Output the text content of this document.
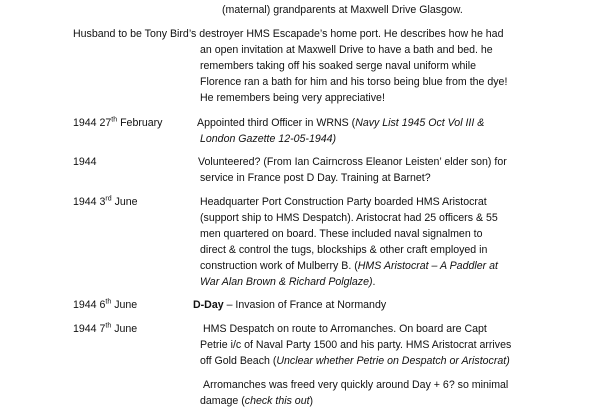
(maternal) grandparents at Maxwell Drive Glasgow.
Husband to be Tony Bird’s destroyer HMS Escapade’s home port. He describes how he had
an open invitation at Maxwell Drive to have a bath and bed. he
remembers taking off his soaked serge naval uniform while
Florence ran a bath for him and his torso being blue from the dye!
He remembers being very appreciative!
1944 27th February	Appointed third Officer in WRNS (Navy List 1945 Oct Vol III &
London Gazette 12-05-1944)
1944	Volunteered? (From Ian Cairncross Eleanor Leisten’ elder son) for
service in France post D Day. Training at Barnet?
1944 3rd June	Headquarter Port Construction Party boarded HMS Aristocrat
(support ship to HMS Despatch). Aristocrat had 25 officers & 55
men quartered on board. These included naval signalmen to
direct & control the tugs, blockships & other craft employed in
construction work of Mulberry B. (HMS Aristocrat – A Paddler at
War Alan Brown & Richard Polglaze).
1944 6th June	D-Day – Invasion of France at Normandy
1944 7th June	HMS Despatch on route to Arromanches. On board are Capt
Petrie i/c of Naval Party 1500 and his party. HMS Aristocrat arrives
off Gold Beach (Unclear whether Petrie on Despatch or Aristocrat)
Arromanches was freed very quickly around Day + 6? so minimal
damage (check this out)
